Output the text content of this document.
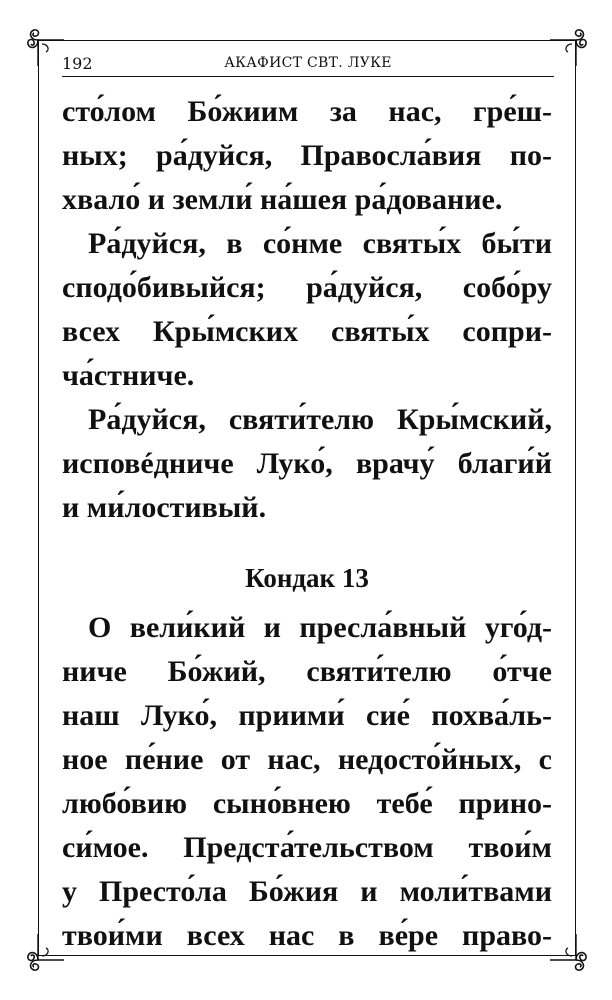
192	АКАФИСТ СВТ. ЛУКЕ
сто́лом Бо́жиим за нас, гре́ш-
ных; ра́дуйся, Правосла́вия по-
хвало́ и земли́ на́шея ра́дование.
Ра́дуйся, в со́нме святы́х бы́ти
сподо́бивыйся; ра́дуйся, собо́ру
всех Кры́мских святы́х сопри-
ча́стниче.
Ра́дуйся, святи́телю Кры́мский,
исповéдниче Луко́, врачу́ благи́й
и ми́лостивый.
Кондак 13
О вели́кий и пресла́вный уго́д-
ниче Бо́жий, святи́телю о́тче
наш Луко́, приими́ сие́ похва́ль-
ное пе́ние от нас, недосто́йных, с
любо́вию сыно́внею тебе́ прино-
си́мое. Предста́тельством твои́м
у Престо́ла Бо́жия и моли́твами
твои́ми всех нас в ве́ре право-
